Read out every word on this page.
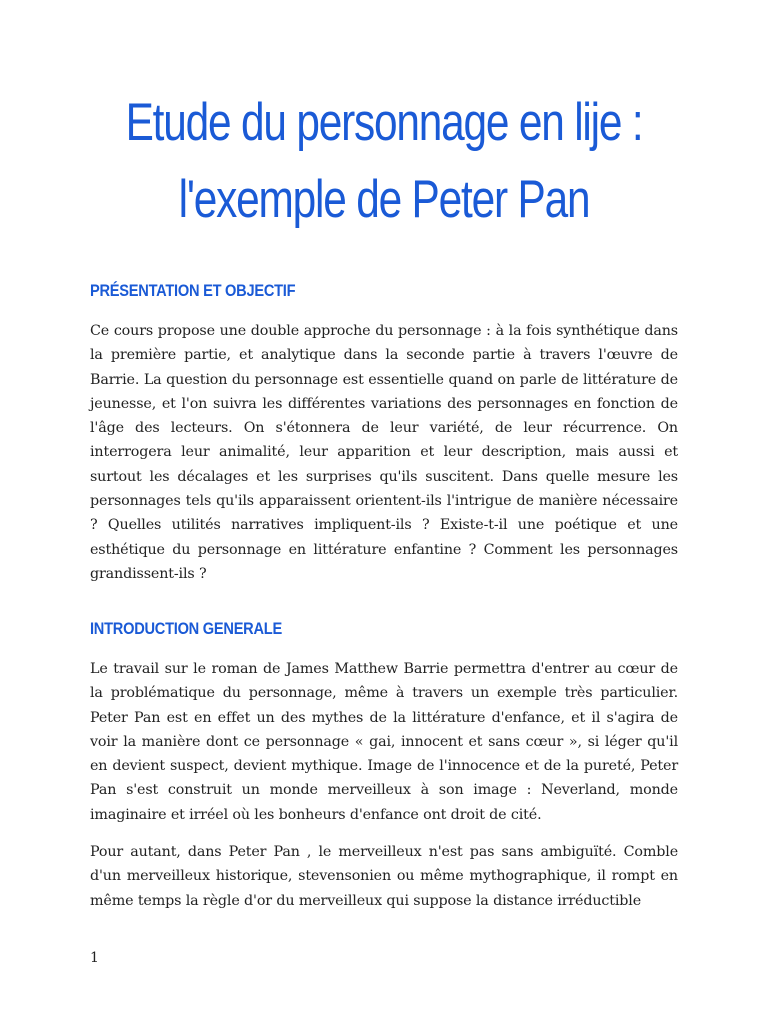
Etude du personnage en lije : l'exemple de Peter Pan
PRÉSENTATION ET OBJECTIF

Ce cours propose une double approche du personnage : à la fois synthétique dans la première partie, et analytique dans la seconde partie à travers l'œuvre de Barrie. La question du personnage est essentielle quand on parle de littérature de jeunesse, et l'on suivra les différentes variations des personnages en fonction de l'âge des lecteurs. On s'étonnera de leur variété, de leur récurrence. On interrogera leur animalité, leur apparition et leur description, mais aussi et surtout les décalages et les surprises qu'ils suscitent. Dans quelle mesure les personnages tels qu'ils apparaissent orientent-ils l'intrigue de manière nécessaire ? Quelles utilités narratives impliquent-ils ? Existe-t-il une poétique et une esthétique du personnage en littérature enfantine ? Comment les personnages grandissent-ils ?

INTRODUCTION GENERALE

Le travail sur le roman de James Matthew Barrie permettra d'entrer au cœur de la problématique du personnage, même à travers un exemple très particulier. Peter Pan est en effet un des mythes de la littérature d'enfance, et il s'agira de voir la manière dont ce personnage « gai, innocent et sans cœur », si léger qu'il en devient suspect, devient mythique. Image de l'innocence et de la pureté, Peter Pan s'est construit un monde merveilleux à son image : Neverland, monde imaginaire et irréel où les bonheurs d'enfance ont droit de cité.

Pour autant, dans Peter Pan , le merveilleux n'est pas sans ambiguïté. Comble d'un merveilleux historique, stevensonien ou même mythographique, il rompt en même temps la règle d'or du merveilleux qui suppose la distance irréductible

1
